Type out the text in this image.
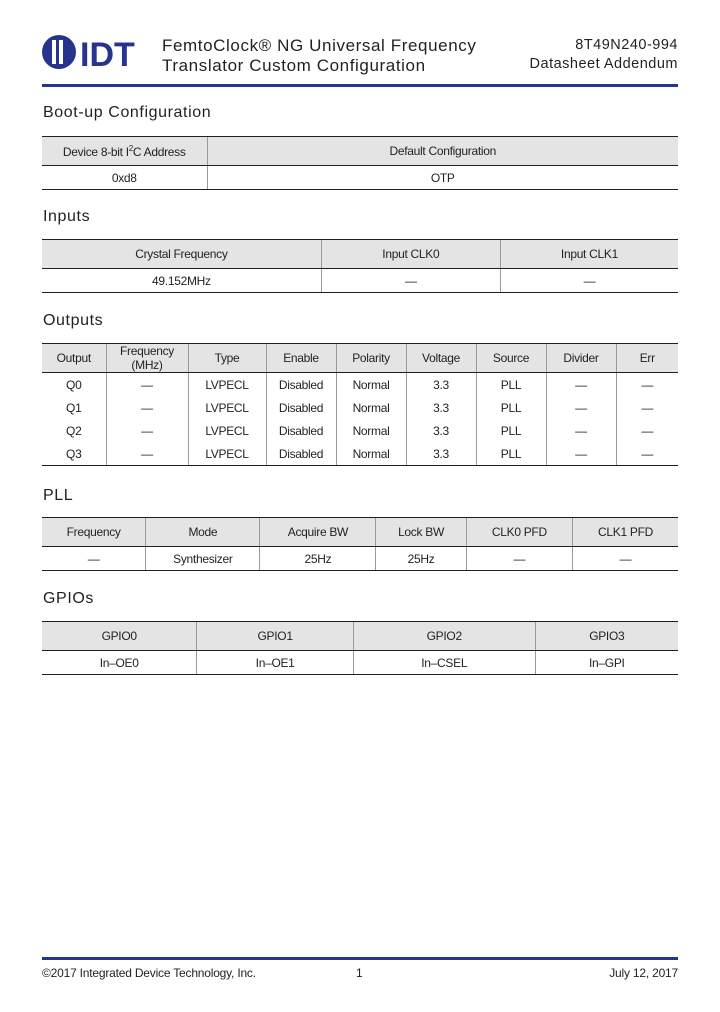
IDT FemtoClock® NG Universal Frequency
Translator Custom Configuration
8T49N240-994
Datasheet Addendum
Boot-up Configuration
Device 8-bit $I^2C$ Address	Default Configuration
0xd8	OTP
Inputs
Crystal Frequency	Input CLK0	Input CLK1
49.152MHz	—	—
Outputs
Output	Frequency (MHz)	Type	Enable	Polarity	Voltage	Source	Divider	Err
Q0	—	LVPECL	Disabled	Normal	3.3	PLL	—	—
Q1	—	LVPECL	Disabled	Normal	3.3	PLL	—	—
Q2	—	LVPECL	Disabled	Normal	3.3	PLL	—	—
Q3	—	LVPECL	Disabled	Normal	3.3	PLL	—	—
PLL
Frequency	Mode	Acquire BW	Lock BW	CLK0 PFD	CLK1 PFD
—	Synthesizer	25Hz	25Hz	—	—
GPIOs
GPIO0	GPIO1	GPIO2	GPIO3
In–OE0	In–OE1	In–CSEL	In–GPI
©2017 Integrated Device Technology, Inc.	1	July 12, 2017
